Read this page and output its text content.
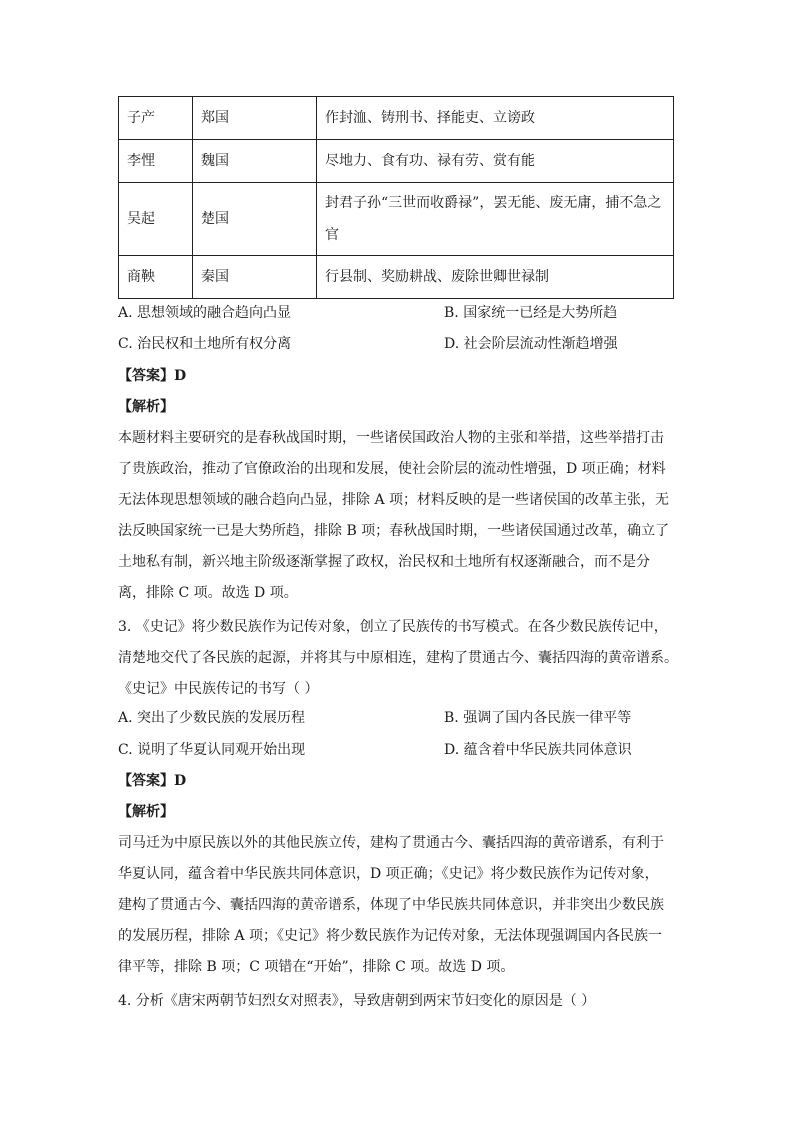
子产	郑国	作封洫、铸刑书、择能吏、立谤政
李悝	魏国	尽地力、食有功、禄有劳、赏有能
吴起	楚国	封君子孙“三世而收爵禄”，罢无能、废无庸，捕不急之官
商鞅	秦国	行县制、奖励耕战、废除世卿世禄制
A. 思想领域的融合趋向凸显	B. 国家统一已经是大势所趋
C. 治民权和土地所有权分离	D. 社会阶层流动性渐趋增强
【答案】D
【解析】
本题材料主要研究的是春秋战国时期，一些诸侯国政治人物的主张和举措，这些举措打击
了贵族政治，推动了官僚政治的出现和发展，使社会阶层的流动性增强，D 项正确；材料
无法体现思想领域的融合趋向凸显，排除 A 项；材料反映的是一些诸侯国的改革主张，无
法反映国家统一已是大势所趋，排除 B 项；春秋战国时期，一些诸侯国通过改革，确立了
土地私有制，新兴地主阶级逐渐掌握了政权，治民权和土地所有权逐渐融合，而不是分
离，排除 C 项。故选 D 项。
3. 《史记》将少数民族作为记传对象，创立了民族传的书写模式。在各少数民族传记中，
清楚地交代了各民族的起源，并将其与中原相连，建构了贯通古今、囊括四海的黄帝谱系。
《史记》中民族传记的书写（ ）
A. 突出了少数民族的发展历程	B. 强调了国内各民族一律平等
C. 说明了华夏认同观开始出现	D. 蕴含着中华民族共同体意识
【答案】D
【解析】
司马迁为中原民族以外的其他民族立传，建构了贯通古今、囊括四海的黄帝谱系，有利于
华夏认同，蕴含着中华民族共同体意识，D 项正确；《史记》将少数民族作为记传对象，
建构了贯通古今、囊括四海的黄帝谱系，体现了中华民族共同体意识，并非突出少数民族
的发展历程，排除 A 项；《史记》将少数民族作为记传对象，无法体现强调国内各民族一
律平等，排除 B 项；C 项错在“开始”，排除 C 项。故选 D 项。
4. 分析《唐宋两朝节妇烈女对照表》，导致唐朝到两宋节妇变化的原因是（ ）
